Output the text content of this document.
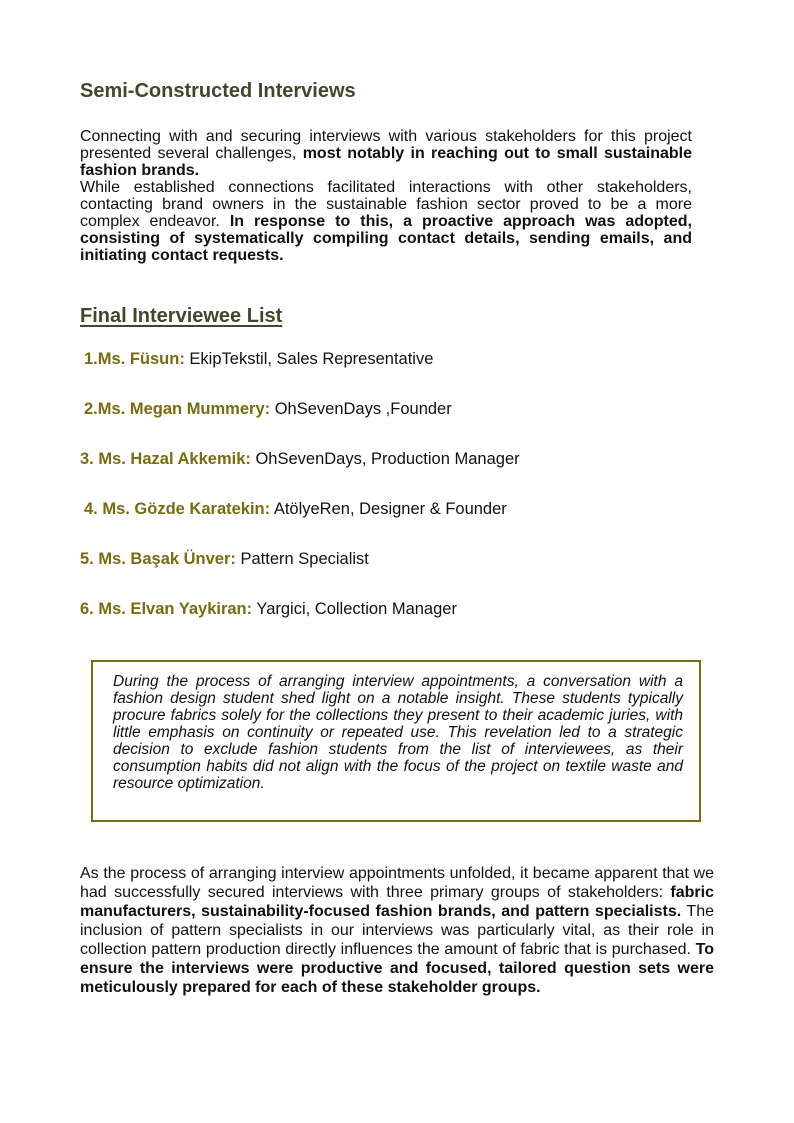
Semi-Constructed Interviews

Connecting with and securing interviews with various stakeholders for this project presented several challenges, most notably in reaching out to small sustainable fashion brands.
While established connections facilitated interactions with other stakeholders, contacting brand owners in the sustainable fashion sector proved to be a more complex endeavor. In response to this, a proactive approach was adopted, consisting of systematically compiling contact details, sending emails, and initiating contact requests.

Final Interviewee List

1.Ms. Füsun: EkipTekstil, Sales Representative

2.Ms. Megan Mummery: OhSevenDays ,Founder

3. Ms. Hazal Akkemik: OhSevenDays, Production Manager

4. Ms. Gözde Karatekin: AtölyeRen, Designer & Founder

5. Ms. Başak Ünver: Pattern Specialist

6. Ms. Elvan Yaykiran: Yargici, Collection Manager

During the process of arranging interview appointments, a conversation with a fashion design student shed light on a notable insight. These students typically procure fabrics solely for the collections they present to their academic juries, with little emphasis on continuity or repeated use. This revelation led to a strategic decision to exclude fashion students from the list of interviewees, as their consumption habits did not align with the focus of the project on textile waste and resource optimization.

As the process of arranging interview appointments unfolded, it became apparent that we had successfully secured interviews with three primary groups of stakeholders: fabric manufacturers, sustainability-focused fashion brands, and pattern specialists. The inclusion of pattern specialists in our interviews was particularly vital, as their role in collection pattern production directly influences the amount of fabric that is purchased. To ensure the interviews were productive and focused, tailored question sets were meticulously prepared for each of these stakeholder groups.
